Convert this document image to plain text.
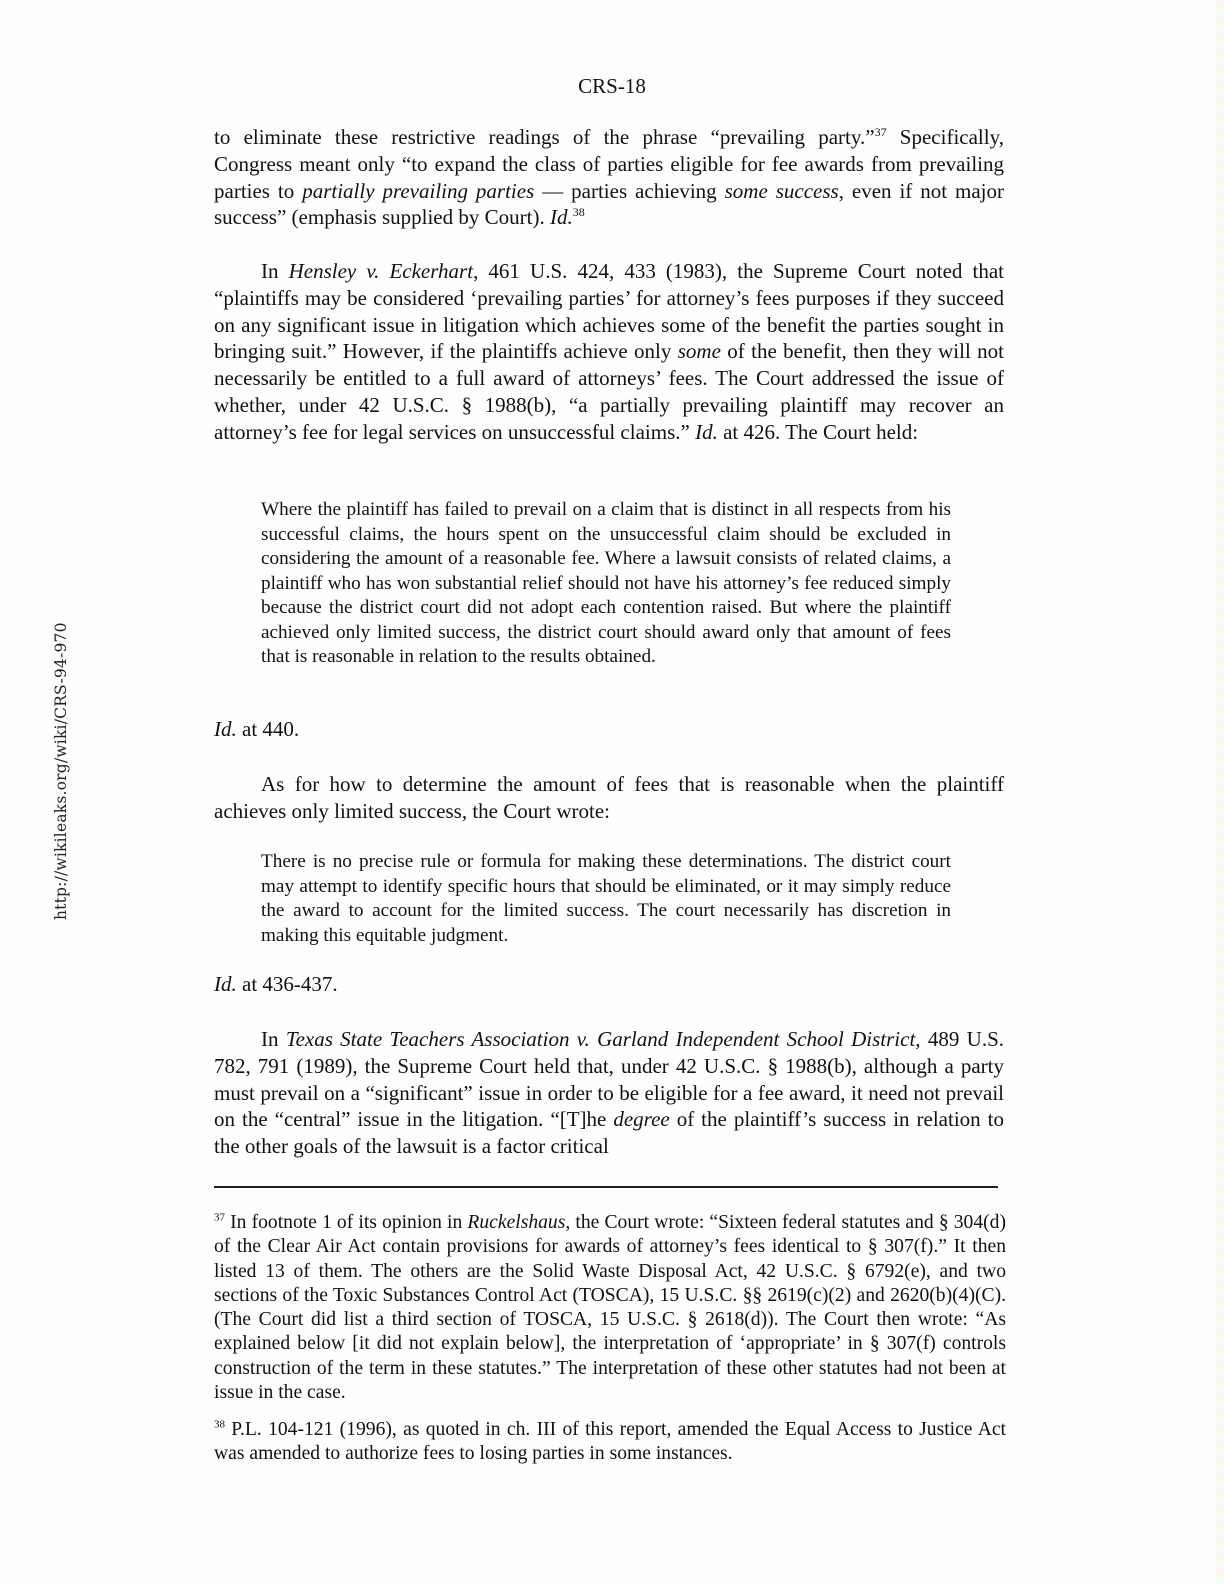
http://wikileaks.org/wiki/CRS-94-970
CRS-18

to eliminate these restrictive readings of the phrase “prevailing party.”$^{37}$ Specifically, Congress meant only “to expand the class of parties eligible for fee awards from prevailing parties to partially prevailing parties — parties achieving some success, even if not major success” (emphasis supplied by Court). Id.$^{38}$

In Hensley v. Eckerhart, 461 U.S. 424, 433 (1983), the Supreme Court noted that “plaintiffs may be considered ‘prevailing parties’ for attorney’s fees purposes if they succeed on any significant issue in litigation which achieves some of the benefit the parties sought in bringing suit.” However, if the plaintiffs achieve only some of the benefit, then they will not necessarily be entitled to a full award of attorneys’ fees. The Court addressed the issue of whether, under 42 U.S.C. § 1988(b), “a partially prevailing plaintiff may recover an attorney’s fee for legal services on unsuccessful claims.” Id. at 426. The Court held:

Where the plaintiff has failed to prevail on a claim that is distinct in all respects from his successful claims, the hours spent on the unsuccessful claim should be excluded in considering the amount of a reasonable fee. Where a lawsuit consists of related claims, a plaintiff who has won substantial relief should not have his attorney’s fee reduced simply because the district court did not adopt each contention raised. But where the plaintiff achieved only limited success, the district court should award only that amount of fees that is reasonable in relation to the results obtained.
Id. at 440.

As for how to determine the amount of fees that is reasonable when the plaintiff achieves only limited success, the Court wrote:

There is no precise rule or formula for making these determinations. The district court may attempt to identify specific hours that should be eliminated, or it may simply reduce the award to account for the limited success. The court necessarily has discretion in making this equitable judgment.
Id. at 436-437.

In Texas State Teachers Association v. Garland Independent School District, 489 U.S. 782, 791 (1989), the Supreme Court held that, under 42 U.S.C. § 1988(b), although a party must prevail on a “significant” issue in order to be eligible for a fee award, it need not prevail on the “central” issue in the litigation. “[T]he degree of the plaintiff’s success in relation to the other goals of the lawsuit is a factor critical

$^{37}$ In footnote 1 of its opinion in Ruckelshaus, the Court wrote: “Sixteen federal statutes and § 304(d) of the Clear Air Act contain provisions for awards of attorney’s fees identical to § 307(f).” It then listed 13 of them. The others are the Solid Waste Disposal Act, 42 U.S.C. § 6792(e), and two sections of the Toxic Substances Control Act (TOSCA), 15 U.S.C. §§ 2619(c)(2) and 2620(b)(4)(C). (The Court did list a third section of TOSCA, 15 U.S.C. § 2618(d)). The Court then wrote: “As explained below [it did not explain below], the interpretation of ‘appropriate’ in § 307(f) controls construction of the term in these statutes.” The interpretation of these other statutes had not been at issue in the case.
$^{38}$ P.L. 104-121 (1996), as quoted in ch. III of this report, amended the Equal Access to Justice Act was amended to authorize fees to losing parties in some instances.
